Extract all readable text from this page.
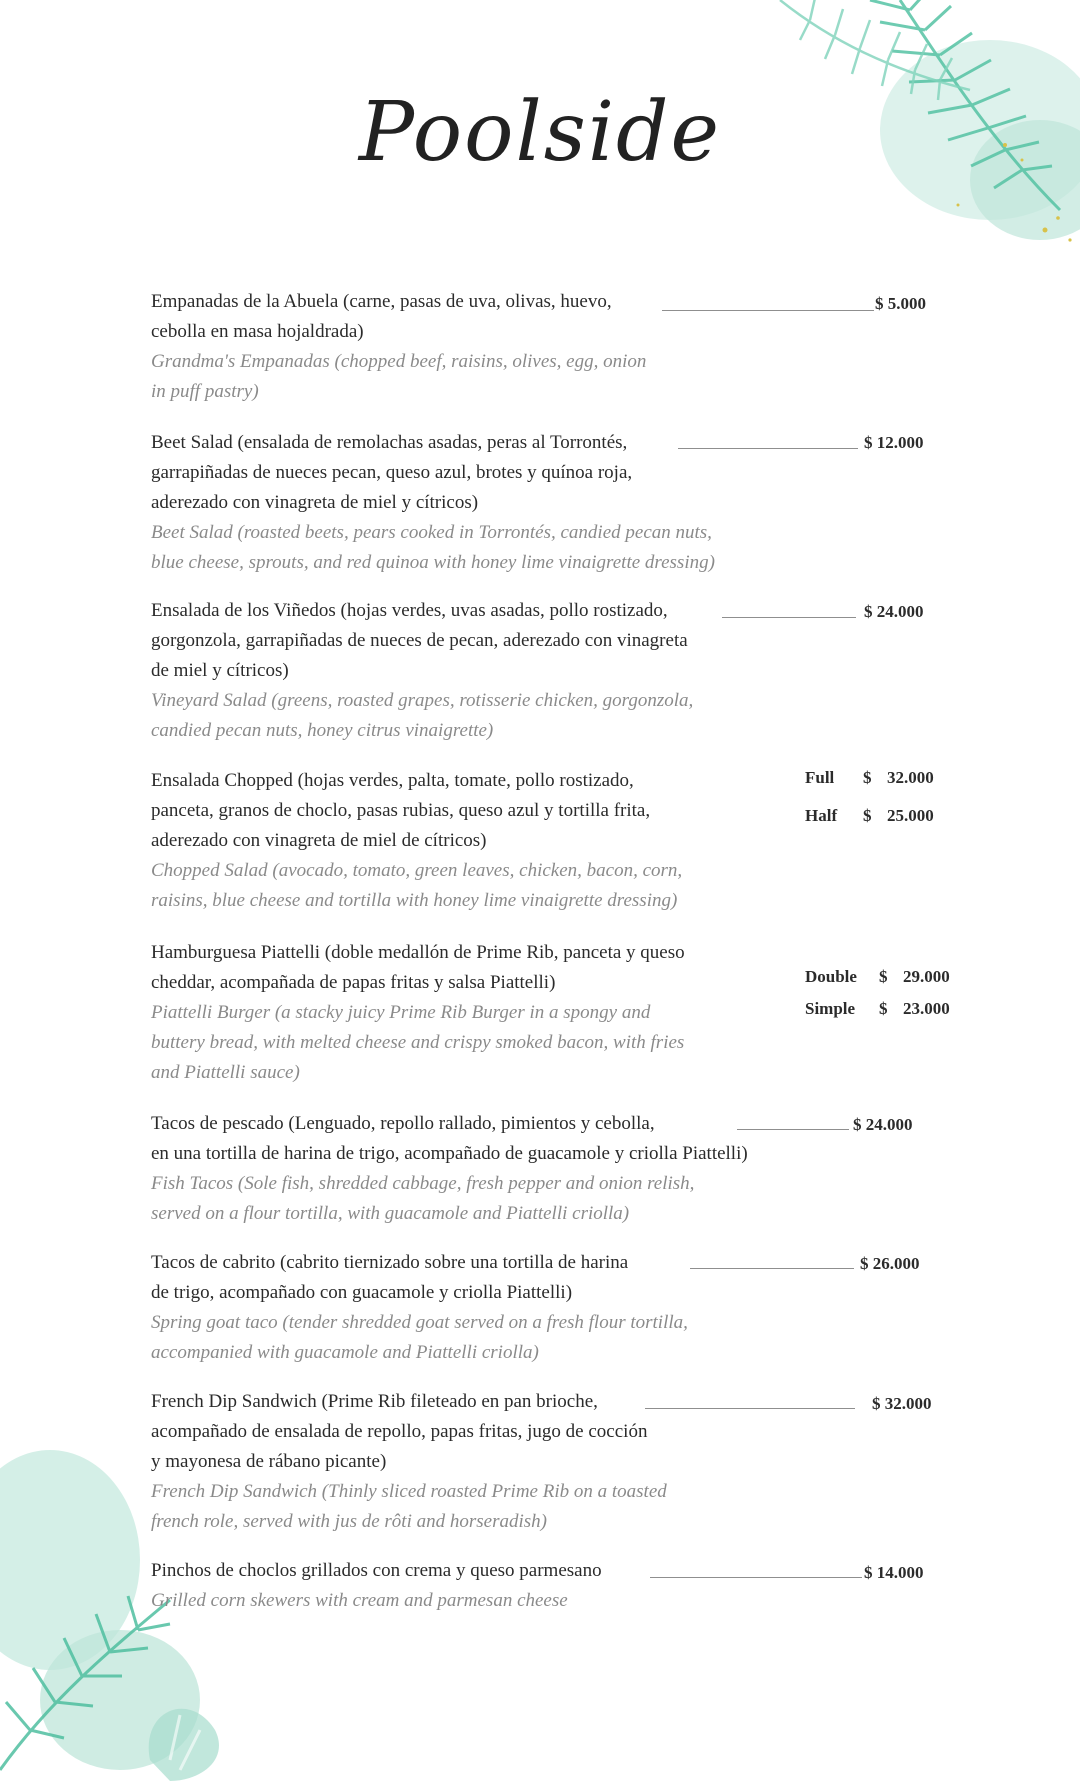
Poolside
Empanadas de la Abuela (carne, pasas de uva, olivas, huevo,
cebolla en masa hojaldrada)
Grandma's Empanadas (chopped beef, raisins, olives, egg, onion
in puff pastry)
$ 5.000
Beet Salad (ensalada de remolachas asadas, peras al Torrontés,
garrapiñadas de nueces pecan, queso azul, brotes y quínoa roja,
aderezado con vinagreta de miel y cítricos)
Beet Salad (roasted beets, pears cooked in Torrontés, candied pecan nuts,
blue cheese, sprouts, and red quinoa with honey lime vinaigrette dressing)
$ 12.000
Ensalada de los Viñedos (hojas verdes, uvas asadas, pollo rostizado,
gorgonzola, garrapiñadas de nueces de pecan, aderezado con vinagreta
de miel y cítricos)
Vineyard Salad (greens, roasted grapes, rotisserie chicken, gorgonzola,
candied pecan nuts, honey citrus vinaigrette)
$ 24.000
Ensalada Chopped (hojas verdes, palta, tomate, pollo rostizado,
panceta, granos de choclo, pasas rubias, queso azul y tortilla frita,
aderezado con vinagreta de miel de cítricos)
Chopped Salad (avocado, tomato, green leaves, chicken, bacon, corn,
raisins, blue cheese and tortilla with honey lime vinaigrette dressing)
Full $ 32.000
Half $ 25.000
Hamburguesa Piattelli (doble medallón de Prime Rib, panceta y queso
cheddar, acompañada de papas fritas y salsa Piattelli)
Piattelli Burger (a stacky juicy Prime Rib Burger in a spongy and
buttery bread, with melted cheese and crispy smoked bacon, with fries
and Piattelli sauce)
Double $ 29.000
Simple $ 23.000
Tacos de pescado (Lenguado, repollo rallado, pimientos y cebolla,
en una tortilla de harina de trigo, acompañado de guacamole y criolla Piattelli)
Fish Tacos (Sole fish, shredded cabbage, fresh pepper and onion relish,
served on a flour tortilla, with guacamole and Piattelli criolla)
$ 24.000
Tacos de cabrito (cabrito tiernizado sobre una tortilla de harina
de trigo, acompañado con guacamole y criolla Piattelli)
Spring goat taco (tender shredded goat served on a fresh flour tortilla,
accompanied with guacamole and Piattelli criolla)
$ 26.000
French Dip Sandwich (Prime Rib fileteado en pan brioche,
acompañado de ensalada de repollo, papas fritas, jugo de cocción
y mayonesa de rábano picante)
French Dip Sandwich (Thinly sliced roasted Prime Rib on a toasted
french role, served with jus de rôti and horseradish)
$ 32.000
Pinchos de choclos grillados con crema y queso parmesano
Grilled corn skewers with cream and parmesan cheese
$ 14.000
